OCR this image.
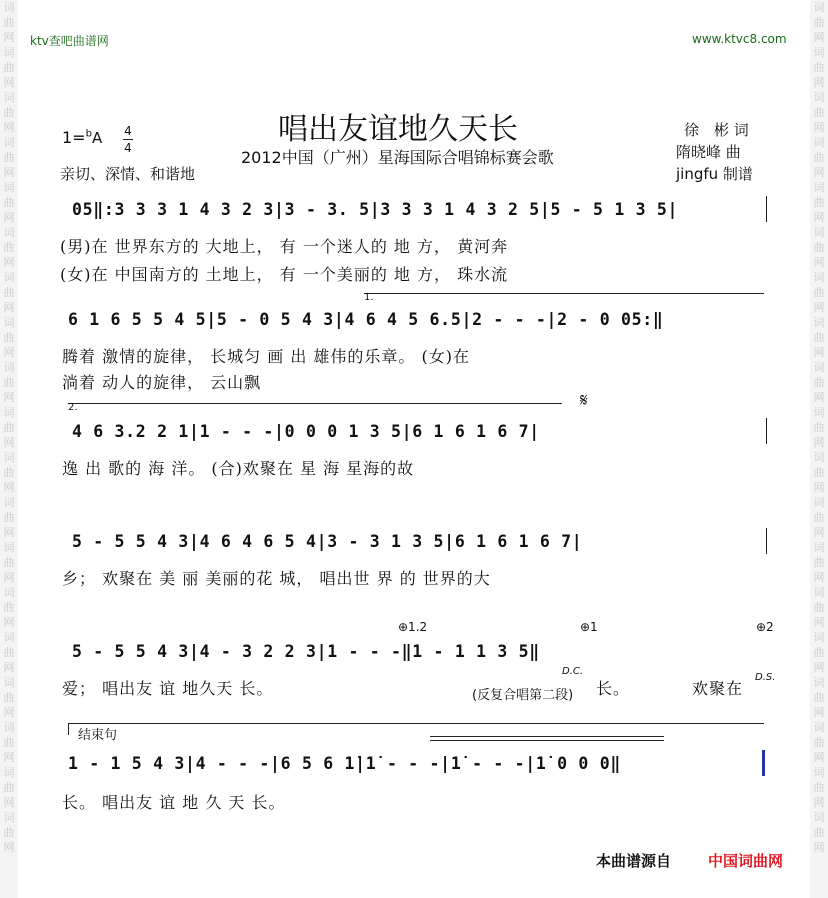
词曲网
词曲网
词曲网
词曲网
词曲网
词曲网
词曲网
词曲网
词曲网
词曲网
词曲网
词曲网
词曲网
词曲网
词曲网
词曲网
词曲网
词曲网
词曲网
词曲网
词曲网
词曲网
词曲网
词曲网
词曲网
词曲网
词曲网
词曲网
词曲网
词曲网
词曲网
词曲网
词曲网
词曲网
词曲网
词曲网
词曲网
词曲网
ktv查吧曲谱网	www.ktvc8.com
唱出友谊地久天长
2012中国（广州）星海国际合唱锦标赛会歌
1=$^b$A 4
4
亲切、深情、和谐地
徐　彬 词
隋晓峰 曲
jingfu 制谱
05‖:3 3 3 1 4 3 2 3|3 - 3. 5|3 3 3 1 4 3 2 5|5 - 5 1 3 5|
(男)在 世界东方的 大地上， 有 一个迷人的 地 方， 黄河奔
(女)在 中国南方的 土地上， 有 一个美丽的 地 方， 珠水流
1.
6 1 6 5 5 4 5|5 - 0 5 4 3|4 6 4 5 6.5|2 - - -|2 - 0 05:‖
腾着 激情的旋律， 长城匀 画 出 雄伟的乐章。 (女)在
淌着 动人的旋律， 云山飘
2.	𝄋
4 6 3.2 2 1|1 - - -|0 0 0 1 3 5|6 1 6 1 6 7|
逸 出 歌的 海 洋。 (合)欢聚在 星 海 星海的故
5 - 5 5 4 3|4 6 4 6 5 4|3 - 3 1 3 5|6 1 6 1 6 7|
乡； 欢聚在 美 丽 美丽的花 城， 唱出世 界 的 世界的大
⊕1.2	⊕1	⊕2
5 - 5 5 4 3|4 - 3 2 2 3|1 - - -‖1 - 1 1 3 5‖
爱； 唱出友 谊 地久天 长。
D.C.
D.S.
(反复合唱第二段) 长。	欢聚在
结束句
1 - 1 5 4 3|4 - - -|6 5 6 1̇|1̇ - - -|1̇ - - -|1̇ 0 0 0‖
长。 唱出友 谊 地 久 天 长。
本曲谱源自 中国词曲网
